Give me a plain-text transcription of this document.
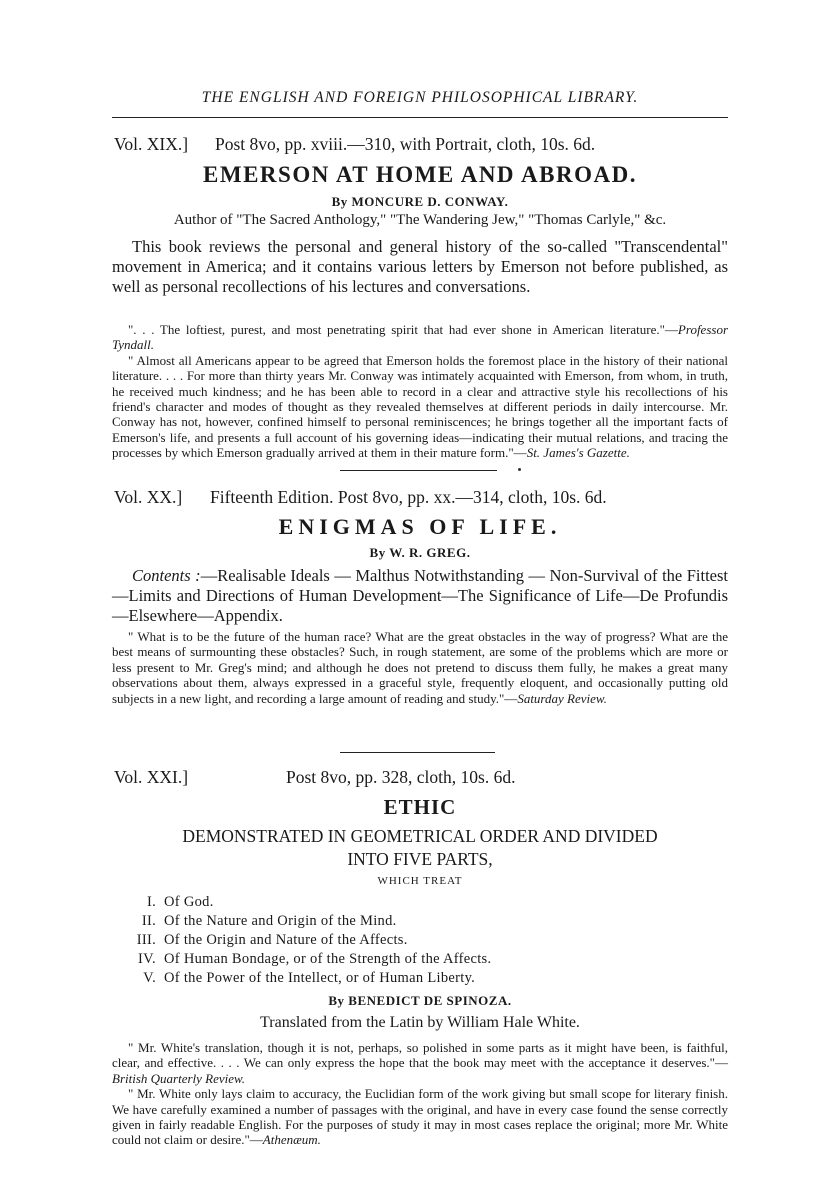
THE ENGLISH AND FOREIGN PHILOSOPHICAL LIBRARY.
Vol. XIX.] Post 8vo, pp. xviii.—310, with Portrait, cloth, 10s. 6d.
EMERSON AT HOME AND ABROAD.
By MONCURE D. CONWAY.
Author of "The Sacred Anthology," "The Wandering Jew," "Thomas Carlyle," &c.

This book reviews the personal and general history of the so-called "Transcendental" movement in America; and it contains various letters by Emerson not before published, as well as personal recollections of his lectures and conversations.

". . . The loftiest, purest, and most penetrating spirit that had ever shone in American literature."—Professor Tyndall.

" Almost all Americans appear to be agreed that Emerson holds the foremost place in the history of their national literature. . . . For more than thirty years Mr. Conway was intimately acquainted with Emerson, from whom, in truth, he received much kindness; and he has been able to record in a clear and attractive style his recollections of his friend's character and modes of thought as they revealed themselves at different periods in daily intercourse. Mr. Conway has not, however, confined himself to personal reminiscences; he brings together all the important facts of Emerson's life, and presents a full account of his governing ideas—indicating their mutual relations, and tracing the processes by which Emerson gradually arrived at them in their mature form."—St. James's Gazette.

Vol. XX.] Fifteenth Edition. Post 8vo, pp. xx.—314, cloth, 10s. 6d.
ENIGMAS OF LIFE.
By W. R. GREG.

Contents :—Realisable Ideals — Malthus Notwithstanding — Non-Survival of the Fittest—Limits and Directions of Human Development—The Significance of Life—De Profundis—Elsewhere—Appendix.

" What is to be the future of the human race? What are the great obstacles in the way of progress? What are the best means of surmounting these obstacles? Such, in rough statement, are some of the problems which are more or less present to Mr. Greg's mind; and although he does not pretend to discuss them fully, he makes a great many observations about them, always expressed in a graceful style, frequently eloquent, and occasionally putting old subjects in a new light, and recording a large amount of reading and study."—Saturday Review.

Vol. XXI.]	Post 8vo, pp. 328, cloth, 10s. 6d.
ETHIC
DEMONSTRATED IN GEOMETRICAL ORDER AND DIVIDED
INTO FIVE PARTS,
WHICH TREAT
I. Of God.
II. Of the Nature and Origin of the Mind.
III. Of the Origin and Nature of the Affects.
IV. Of Human Bondage, or of the Strength of the Affects.
V. Of the Power of the Intellect, or of Human Liberty.
By BENEDICT DE SPINOZA.
Translated from the Latin by William Hale White.

" Mr. White's translation, though it is not, perhaps, so polished in some parts as it might have been, is faithful, clear, and effective. . . . We can only express the hope that the book may meet with the acceptance it deserves."—British Quarterly Review.

" Mr. White only lays claim to accuracy, the Euclidian form of the work giving but small scope for literary finish. We have carefully examined a number of passages with the original, and have in every case found the sense correctly given in fairly readable English. For the purposes of study it may in most cases replace the original; more Mr. White could not claim or desire."—Athenæum.
